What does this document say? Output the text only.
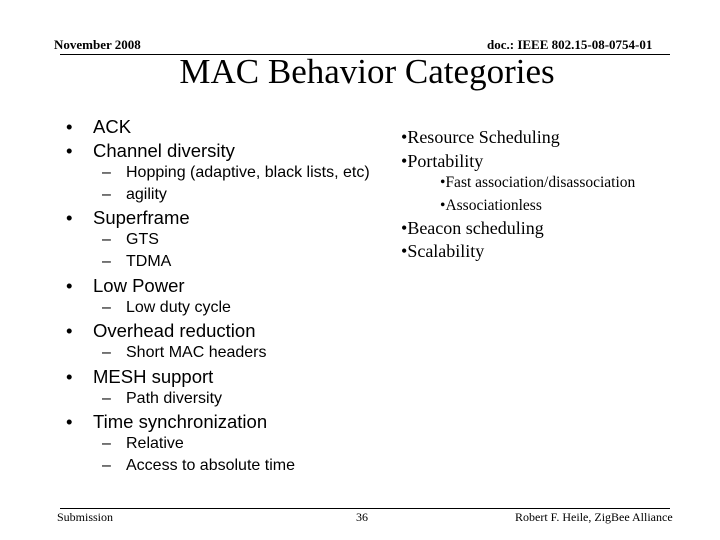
November 2008	doc.: IEEE 802.15-08-0754-01
MAC Behavior Categories
• ACK
• Channel diversity
– Hopping (adaptive, black lists, etc)
– agility
• Superframe
– GTS
– TDMA
• Low Power
– Low duty cycle
• Overhead reduction
– Short MAC headers
• MESH support
– Path diversity
• Time synchronization
– Relative
– Access to absolute time
•Resource Scheduling
•Portability
•Fast association/disassociation
•Associationless
•Beacon scheduling
•Scalability
Submission	36	Robert F. Heile, ZigBee Alliance
